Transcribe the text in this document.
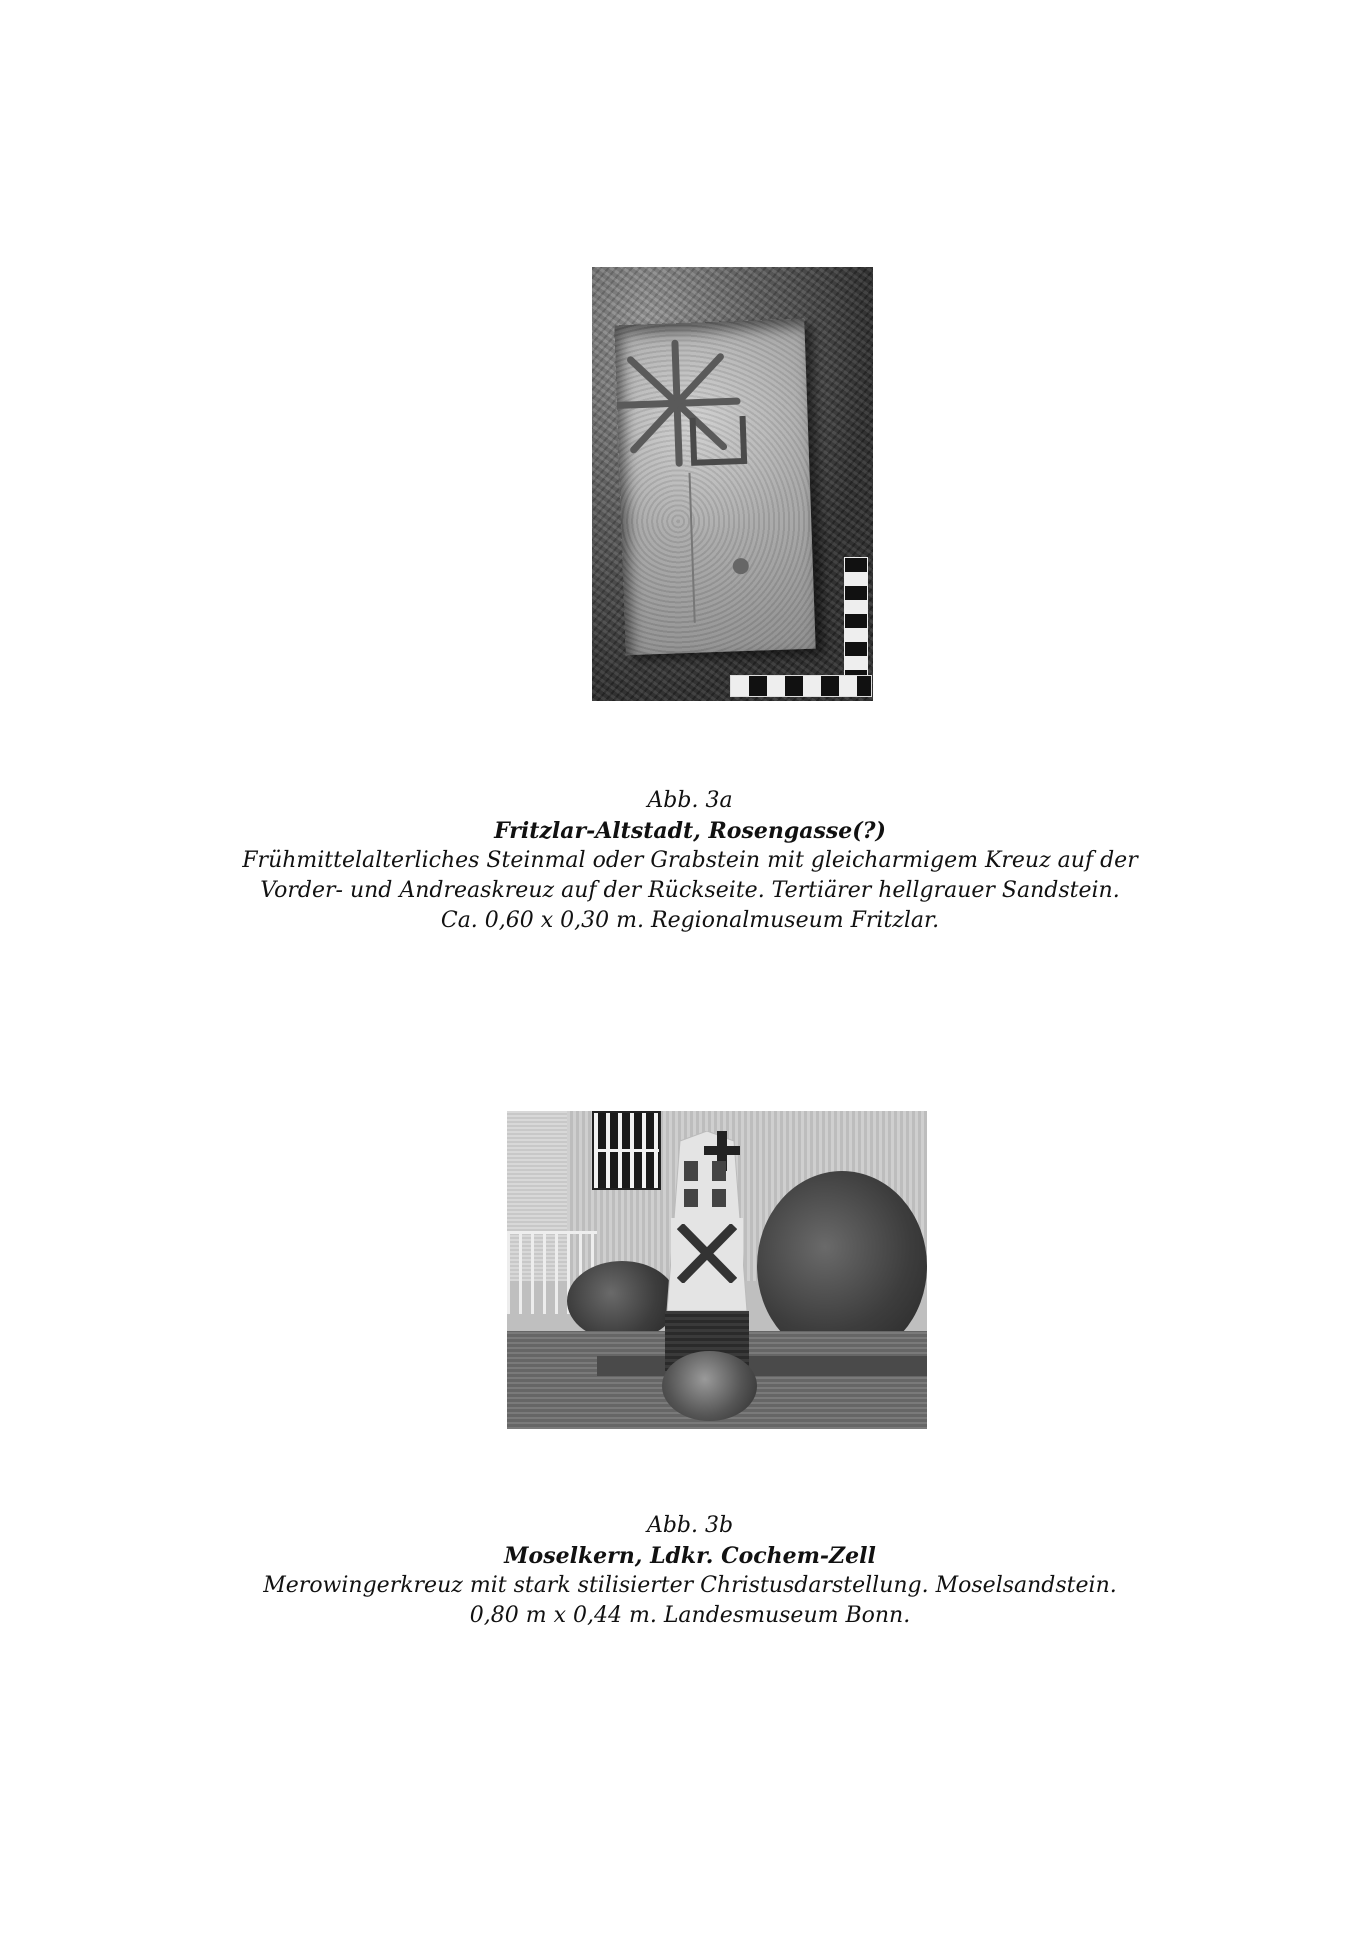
Abb. 3a
Fritzlar-Altstadt, Rosengasse(?)
Frühmittelalterliches Steinmal oder Grabstein mit gleicharmigem Kreuz auf der
Vorder- und Andreaskreuz auf der Rückseite. Tertiärer hellgrauer Sandstein.
Ca. 0,60 x 0,30 m. Regionalmuseum Fritzlar.
Abb. 3b
Moselkern, Ldkr. Cochem-Zell
Merowingerkreuz mit stark stilisierter Christusdarstellung. Moselsandstein.
0,80 m x 0,44 m. Landesmuseum Bonn.
